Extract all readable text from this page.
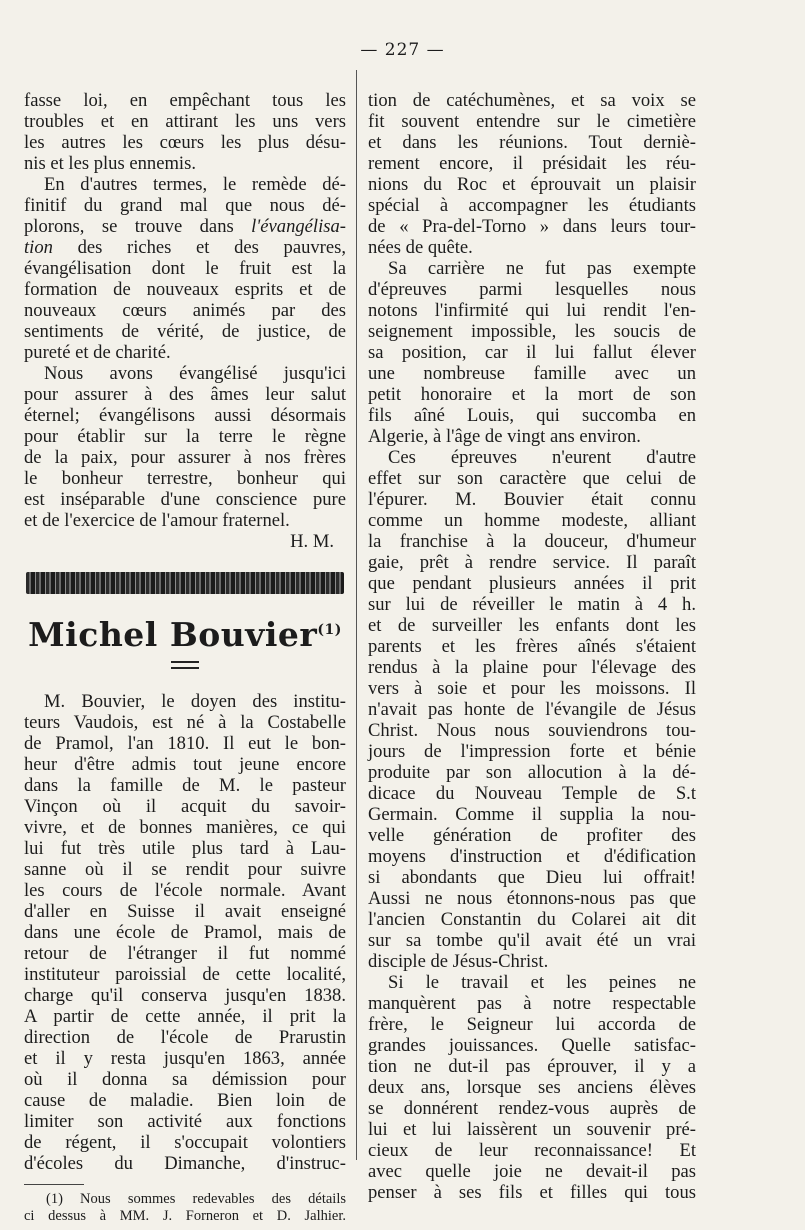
— 227 —

fasse loi, en empêchant tous les
troubles et en attirant les uns vers
les autres les cœurs les plus désu-
nis et les plus ennemis.

En d'autres termes, le remède dé-
finitif du grand mal que nous dé-
plorons, se trouve dans l'évangélisa-
tion des riches et des pauvres,
évangélisation dont le fruit est la
formation de nouveaux esprits et de
nouveaux cœurs animés par des
sentiments de vérité, de justice, de
pureté et de charité.

Nous avons évangélisé jusqu'ici
pour assurer à des âmes leur salut
éternel; évangélisons aussi désormais
pour établir sur la terre le règne
de la paix, pour assurer à nos frères
le bonheur terrestre, bonheur qui
est inséparable d'une conscience pure
et de l'exercice de l'amour fraternel.

H. M.

Michel Bouvier$^{(1)}$

M. Bouvier, le doyen des institu-
teurs Vaudois, est né à la Costabelle
de Pramol, l'an 1810. Il eut le bon-
heur d'être admis tout jeune encore
dans la famille de M. le pasteur
Vinçon où il acquit du savoir-
vivre, et de bonnes manières, ce qui
lui fut très utile plus tard à Lau-
sanne où il se rendit pour suivre
les cours de l'école normale. Avant
d'aller en Suisse il avait enseigné
dans une école de Pramol, mais de
retour de l'étranger il fut nommé
instituteur paroissial de cette localité,
charge qu'il conserva jusqu'en 1838.
A partir de cette année, il prit la
direction de l'école de Prarustin
et il y resta jusqu'en 1863, année
où il donna sa démission pour
cause de maladie. Bien loin de
limiter son activité aux fonctions
de régent, il s'occupait volontiers
d'écoles du Dimanche, d'instruc-

(1) Nous sommes redevables des détails
ci dessus à MM. J. Forneron et D. Jalhier.

tion de catéchumènes, et sa voix se
fit souvent entendre sur le cimetière
et dans les réunions. Tout derniè-
rement encore, il présidait les réu-
nions du Roc et éprouvait un plaisir
spécial à accompagner les étudiants
de « Pra-del-Torno » dans leurs tour-
nées de quête.

Sa carrière ne fut pas exempte
d'épreuves parmi lesquelles nous
notons l'infirmité qui lui rendit l'en-
seignement impossible, les soucis de
sa position, car il lui fallut élever
une nombreuse famille avec un
petit honoraire et la mort de son
fils aîné Louis, qui succomba en
Algerie, à l'âge de vingt ans environ.

Ces épreuves n'eurent d'autre
effet sur son caractère que celui de
l'épurer. M. Bouvier était connu
comme un homme modeste, alliant
la franchise à la douceur, d'humeur
gaie, prêt à rendre service. Il paraît
que pendant plusieurs années il prit
sur lui de réveiller le matin à 4 h.
et de surveiller les enfants dont les
parents et les frères aînés s'étaient
rendus à la plaine pour l'élevage des
vers à soie et pour les moissons. Il
n'avait pas honte de l'évangile de Jésus
Christ. Nous nous souviendrons tou-
jours de l'impression forte et bénie
produite par son allocution à la dé-
dicace du Nouveau Temple de S.t
Germain. Comme il supplia la nou-
velle génération de profiter des
moyens d'instruction et d'édification
si abondants que Dieu lui offrait!
Aussi ne nous étonnons-nous pas que
l'ancien Constantin du Colarei ait dit
sur sa tombe qu'il avait été un vrai
disciple de Jésus-Christ.

Si le travail et les peines ne
manquèrent pas à notre respectable
frère, le Seigneur lui accorda de
grandes jouissances. Quelle satisfac-
tion ne dut-il pas éprouver, il y a
deux ans, lorsque ses anciens élèves
se donnérent rendez-vous auprès de
lui et lui laissèrent un souvenir pré-
cieux de leur reconnaissance! Et
avec quelle joie ne devait-il pas
penser à ses fils et filles qui tous
